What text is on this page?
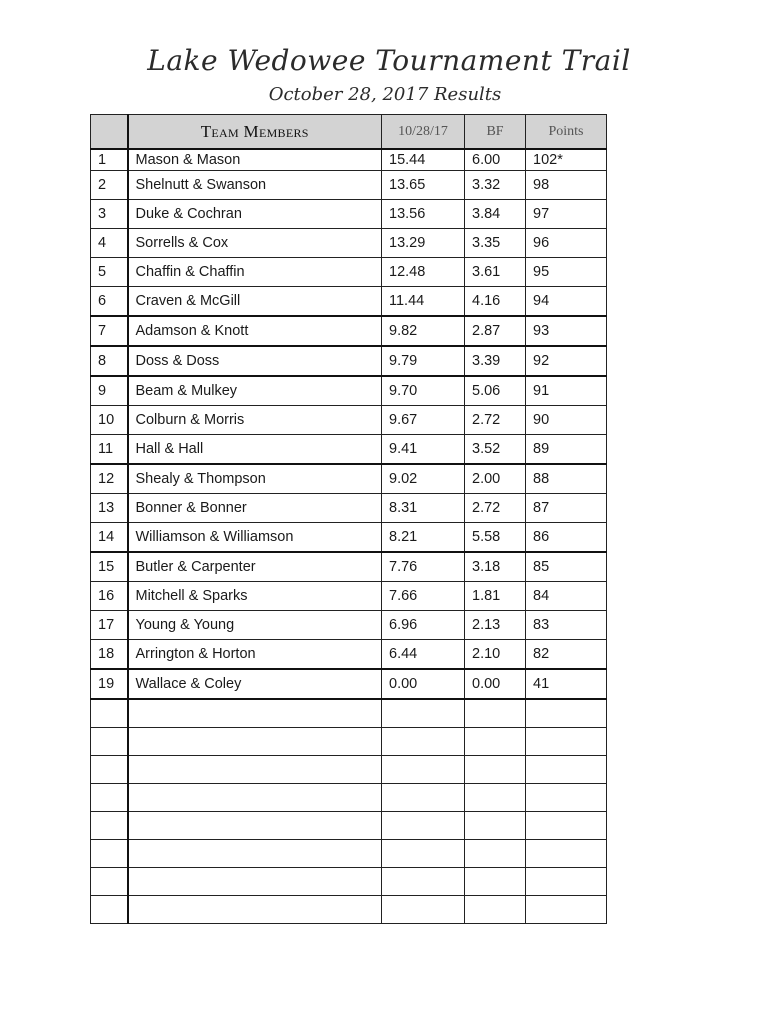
Lake Wedowee Tournament Trail
October 28, 2017 Results
	Team Members	10/28/17	BF	Points
1	Mason & Mason	15.44	6.00	102*
2	Shelnutt & Swanson	13.65	3.32	98
3	Duke & Cochran	13.56	3.84	97
4	Sorrells & Cox	13.29	3.35	96
5	Chaffin & Chaffin	12.48	3.61	95
6	Craven & McGill	11.44	4.16	94
7	Adamson & Knott	9.82	2.87	93
8	Doss & Doss	9.79	3.39	92
9	Beam & Mulkey	9.70	5.06	91
10	Colburn & Morris	9.67	2.72	90
11	Hall & Hall	9.41	3.52	89
12	Shealy & Thompson	9.02	2.00	88
13	Bonner & Bonner	8.31	2.72	87
14	Williamson & Williamson	8.21	5.58	86
15	Butler & Carpenter	7.76	3.18	85
16	Mitchell & Sparks	7.66	1.81	84
17	Young & Young	6.96	2.13	83
18	Arrington & Horton	6.44	2.10	82
19	Wallace & Coley	0.00	0.00	41
